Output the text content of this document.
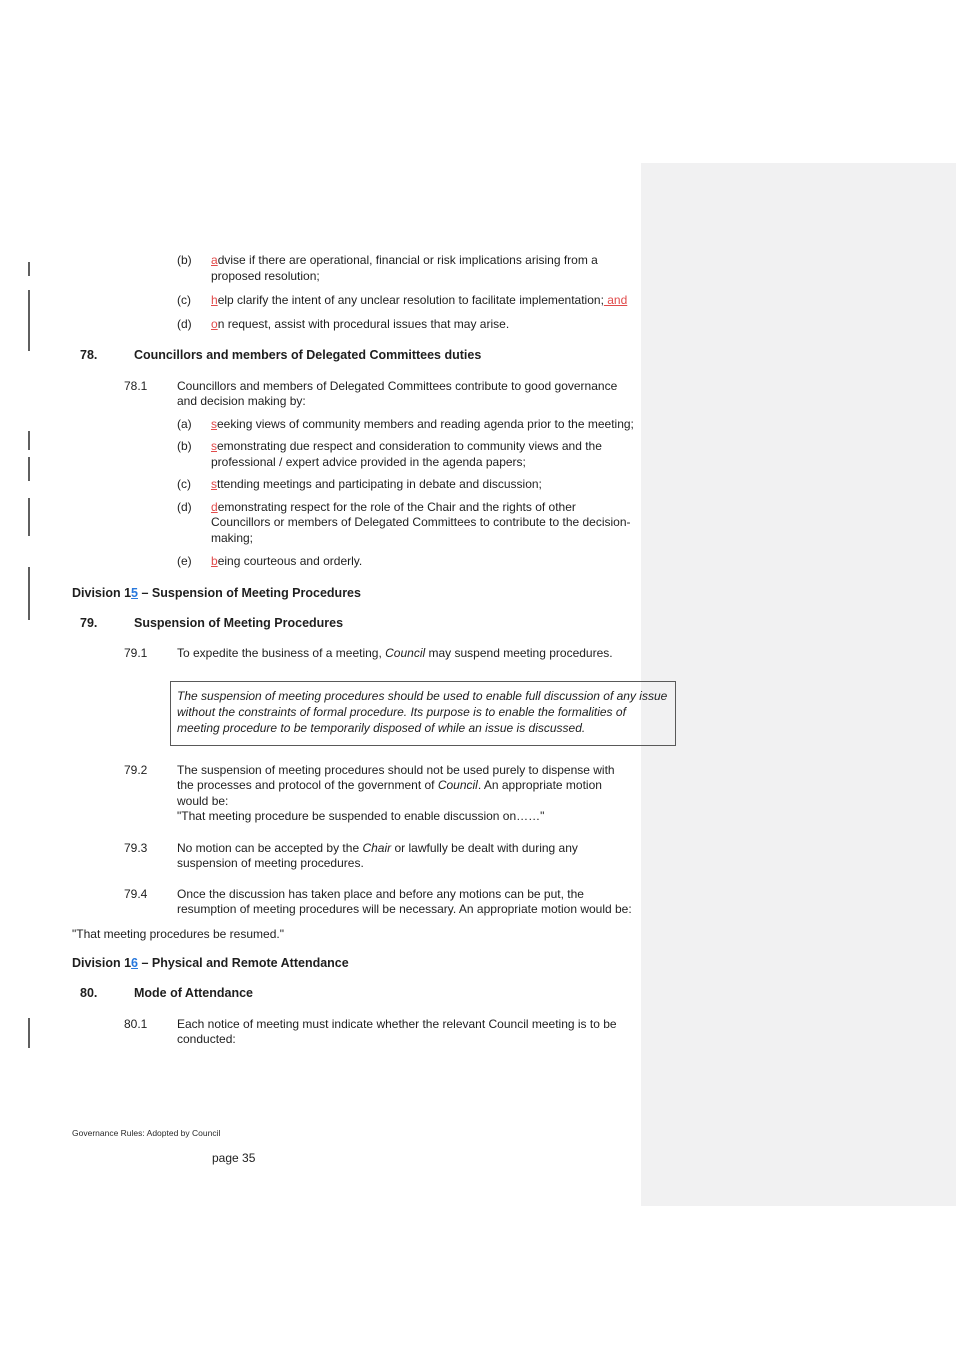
(b)	advise if there are operational, financial or risk implications arising from a proposed resolution;
(c)	help clarify the intent of any unclear resolution to facilitate implementation; and
(d)	on request, assist with procedural issues that may arise.
78.	Councillors and members of Delegated Committees duties
78.1	Councillors and members of Delegated Committees contribute to good governance and decision making by:
(a)	seeking views of community members and reading agenda prior to the meeting;
(b)	semonstrating due respect and consideration to community views and the professional / expert advice provided in the agenda papers;
(c)	sttending meetings and participating in debate and discussion;
(d)	demonstrating respect for the role of the Chair and the rights of other Councillors or members of Delegated Committees to contribute to the decision-making;
(e)	being courteous and orderly.
Division 15 – Suspension of Meeting Procedures
79.	Suspension of Meeting Procedures
79.1	To expedite the business of a meeting, Council may suspend meeting procedures.
The suspension of meeting procedures should be used to enable full discussion of any issue without the constraints of formal procedure. Its purpose is to enable the formalities of meeting procedure to be temporarily disposed of while an issue is discussed.
79.2	The suspension of meeting procedures should not be used purely to dispense with the processes and protocol of the government of Council. An appropriate motion would be:
"That meeting procedure be suspended to enable discussion on……"
79.3	No motion can be accepted by the Chair or lawfully be dealt with during any suspension of meeting procedures.
79.4	Once the discussion has taken place and before any motions can be put, the resumption of meeting procedures will be necessary. An appropriate motion would be:
"That meeting procedures be resumed."
Division 16 – Physical and Remote Attendance
80.	Mode of Attendance
80.1	Each notice of meeting must indicate whether the relevant Council meeting is to be conducted:
Governance Rules: Adopted by Council
page 35
